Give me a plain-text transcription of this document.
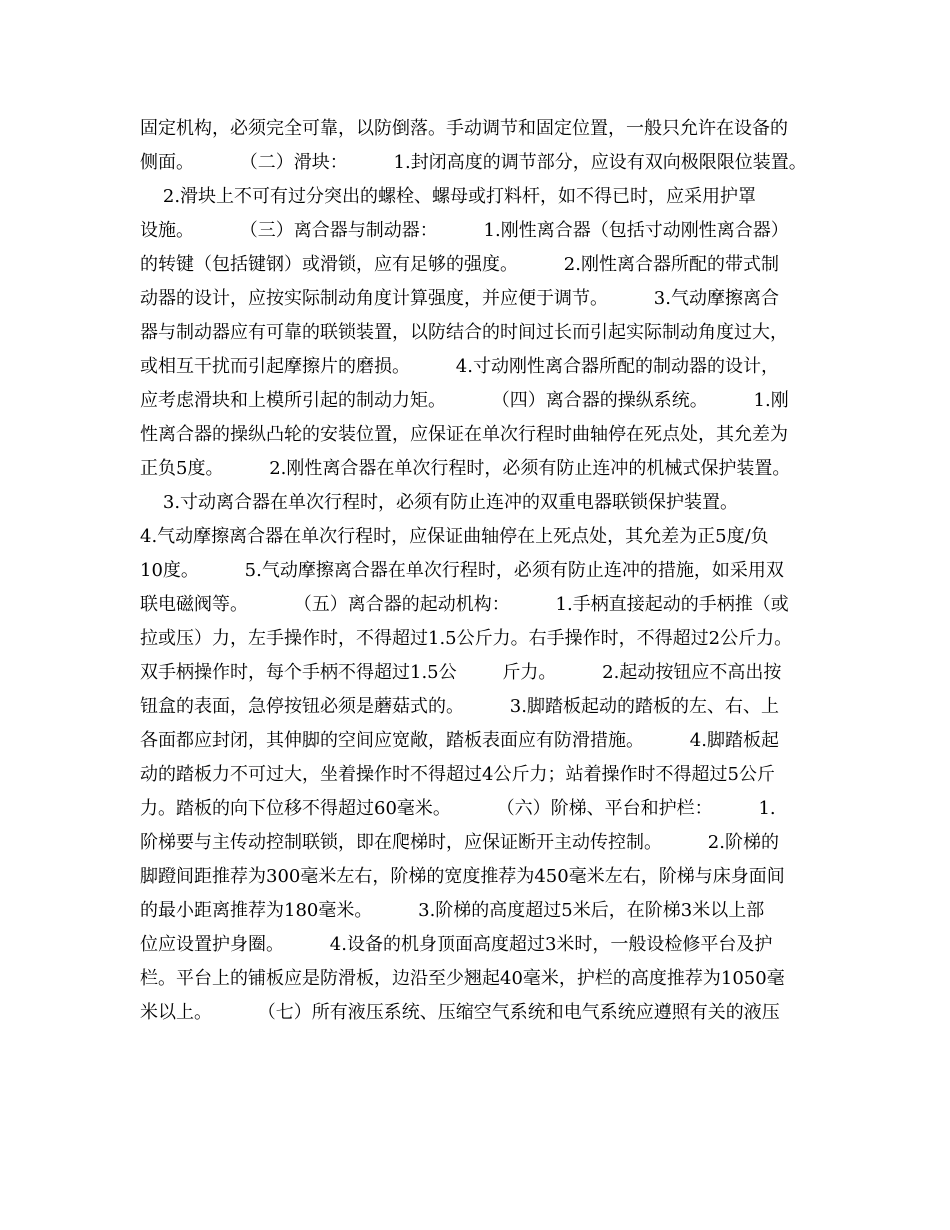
固定机构，必须完全可靠，以防倒落。手动调节和固定位置，一般只允许在设备的
侧面。        （二）滑块：        1.封闭高度的调节部分，应设有双向极限限位装置。
2.滑块上不可有过分突出的螺栓、螺母或打料杆，如不得已时，应采用护罩
设施。        （三）离合器与制动器：        1.刚性离合器（包括寸动刚性离合器）
的转键（包括键钢）或滑锁，应有足够的强度。        2.刚性离合器所配的带式制
动器的设计，应按实际制动角度计算强度，并应便于调节。        3.气动摩擦离合
器与制动器应有可靠的联锁装置，以防结合的时间过长而引起实际制动角度过大，
或相互干扰而引起摩擦片的磨损。        4.寸动刚性离合器所配的制动器的设计，
应考虑滑块和上模所引起的制动力矩。        （四）离合器的操纵系统。        1.刚
性离合器的操纵凸轮的安装位置，应保证在单次行程时曲轴停在死点处，其允差为
正负5度。        2.刚性离合器在单次行程时，必须有防止连冲的机械式保护装置。
3.寸动离合器在单次行程时，必须有防止连冲的双重电器联锁保护装置。
4.气动摩擦离合器在单次行程时，应保证曲轴停在上死点处，其允差为正5度/负
10度。        5.气动摩擦离合器在单次行程时，必须有防止连冲的措施，如采用双
联电磁阀等。        （五）离合器的起动机构：        1.手柄直接起动的手柄推（或
拉或压）力，左手操作时，不得超过1.5公斤力。右手操作时，不得超过2公斤力。
双手柄操作时，每个手柄不得超过1.5公        斤力。        2.起动按钮应不高出按
钮盒的表面，急停按钮必须是蘑菇式的。        3.脚踏板起动的踏板的左、右、上
各面都应封闭，其伸脚的空间应宽敞，踏板表面应有防滑措施。        4.脚踏板起
动的踏板力不可过大，坐着操作时不得超过4公斤力；站着操作时不得超过5公斤
力。踏板的向下位移不得超过60毫米。        （六）阶梯、平台和护栏：        1.
阶梯要与主传动控制联锁，即在爬梯时，应保证断开主动传控制。        2.阶梯的
脚蹬间距推荐为300毫米左右，阶梯的宽度推荐为450毫米左右，阶梯与床身面间
的最小距离推荐为180毫米。        3.阶梯的高度超过5米后，在阶梯3米以上部
位应设置护身圈。        4.设备的机身顶面高度超过3米时，一般设检修平台及护
栏。平台上的铺板应是防滑板，边沿至少翘起40毫米，护栏的高度推荐为1050毫
米以上。        （七）所有液压系统、压缩空气系统和电气系统应遵照有关的液压
